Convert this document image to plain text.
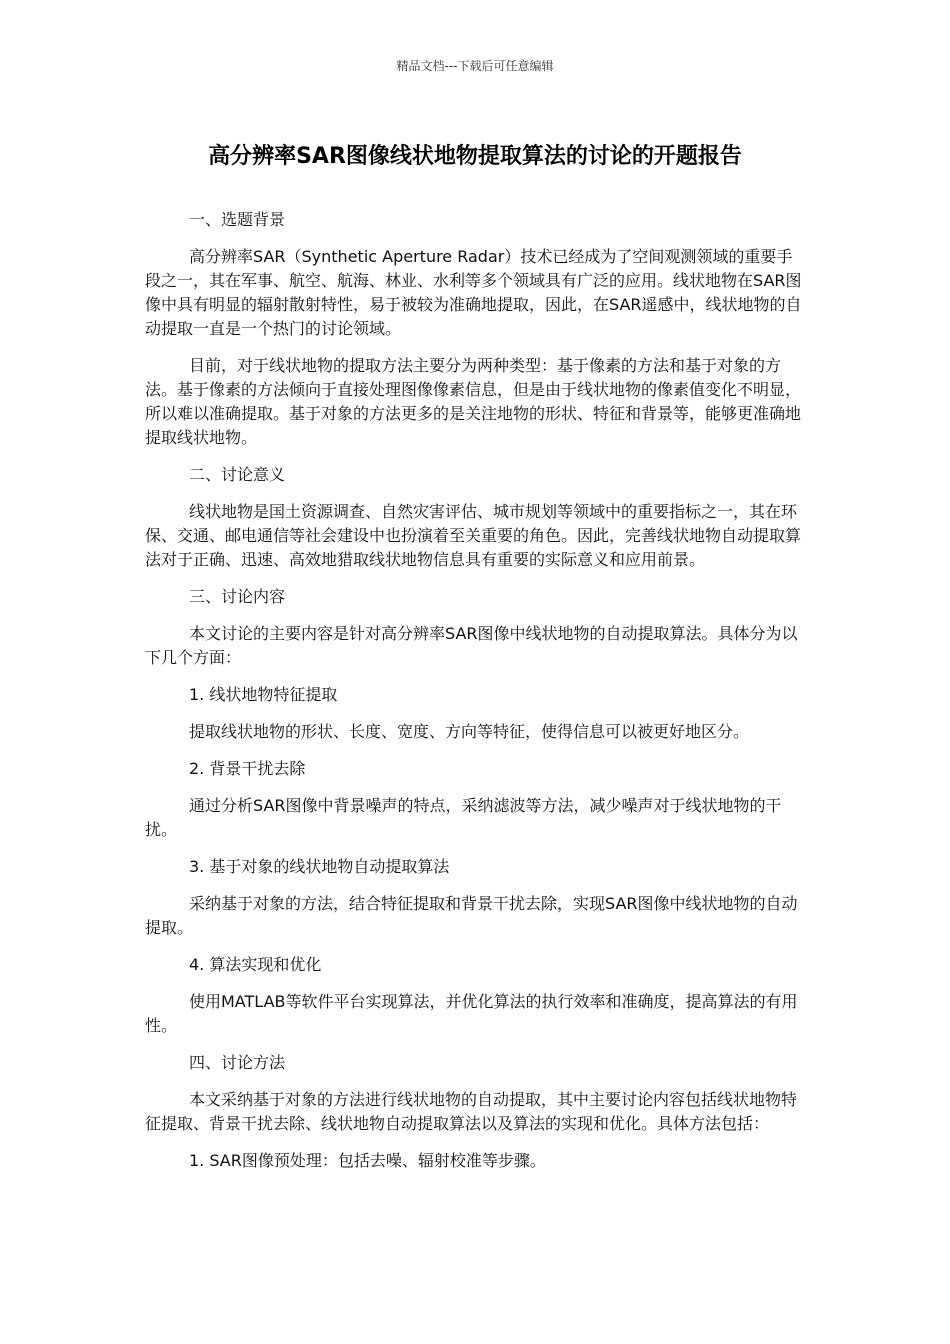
精品文档---下载后可任意编辑
高分辨率SAR图像线状地物提取算法的讨论的开题报告

一、选题背景

高分辨率SAR（Synthetic Aperture Radar）技术已经成为了空间观测领域的重要手段之一，其在军事、航空、航海、林业、水利等多个领域具有广泛的应用。线状地物在SAR图像中具有明显的辐射散射特性，易于被较为准确地提取，因此，在SAR遥感中，线状地物的自动提取一直是一个热门的讨论领域。

目前，对于线状地物的提取方法主要分为两种类型：基于像素的方法和基于对象的方法。基于像素的方法倾向于直接处理图像像素信息，但是由于线状地物的像素值变化不明显，所以难以准确提取。基于对象的方法更多的是关注地物的形状、特征和背景等，能够更准确地提取线状地物。

二、讨论意义

线状地物是国土资源调查、自然灾害评估、城市规划等领域中的重要指标之一，其在环保、交通、邮电通信等社会建设中也扮演着至关重要的角色。因此，完善线状地物自动提取算法对于正确、迅速、高效地猎取线状地物信息具有重要的实际意义和应用前景。

三、讨论内容

本文讨论的主要内容是针对高分辨率SAR图像中线状地物的自动提取算法。具体分为以下几个方面：

1. 线状地物特征提取

提取线状地物的形状、长度、宽度、方向等特征，使得信息可以被更好地区分。

2. 背景干扰去除

通过分析SAR图像中背景噪声的特点，采纳滤波等方法，减少噪声对于线状地物的干扰。

3. 基于对象的线状地物自动提取算法

采纳基于对象的方法，结合特征提取和背景干扰去除，实现SAR图像中线状地物的自动提取。

4. 算法实现和优化

使用MATLAB等软件平台实现算法，并优化算法的执行效率和准确度，提高算法的有用性。

四、讨论方法

本文采纳基于对象的方法进行线状地物的自动提取，其中主要讨论内容包括线状地物特征提取、背景干扰去除、线状地物自动提取算法以及算法的实现和优化。具体方法包括：

1. SAR图像预处理：包括去噪、辐射校准等步骤。
